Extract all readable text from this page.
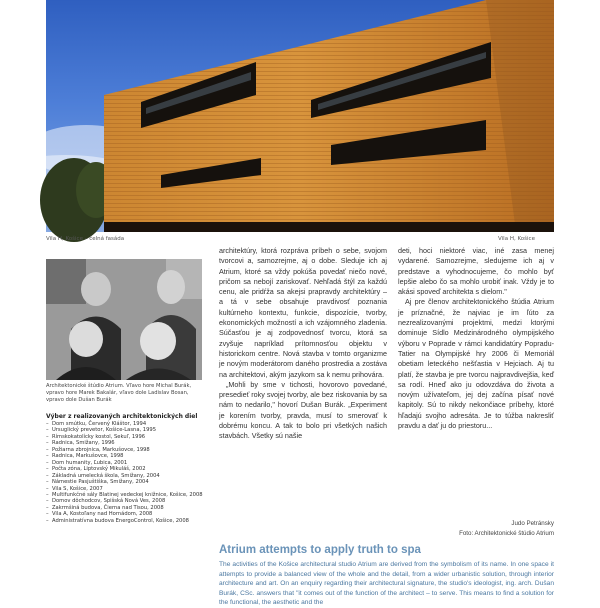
Vila H, Košice – čelná fasáda	Vila H, Košice
Architektonické štúdio Atrium. Vľavo hore Michal Burák, vpravo hore Marek Bakalár, vľavo dole Ladislav Bosan, vpravo dole Dušan Burák
Výber z realizovaných architektonických diel
– Dom smútku, Červený Kláštor, 1994
– Ursuglický prevetor, Košice-Lasna, 1995
– Rímskokatolícky kostol, Sekuľ, 1996
– Radnica, Smižany, 1996
– Požiarna zbrojnica, Markušovce, 1998
– Radnica, Markušovce, 1998
– Dom humanity, Ľubica, 2001
– Počta zóna, Liptovský Mikuláš, 2002
– Základná umelecká škola, Smižany, 2004
– Námestie Pasjuštiška, Smižany, 2004
– Vila S, Košice, 2007
– Multifunkčné sály Blatinej vedeckej knižnice, Košice, 2008
– Domov dôchodcov, Spišská Nová Ves, 2008
– Zakrmšiná budova, Čierna nad Tisou, 2008
– Vila A, Kostoľany nad Hornádom, 2008
– Administratívna budova EnergoControl, Košice, 2008

architektúry, ktorá rozpráva príbeh o sebe, svojom tvorcovi a, samozrejme, aj o dobe. Sleduje ich aj Atrium, ktoré sa vždy pokúša povedať niečo nové, pričom sa nebojí zariskovať. Nehľadá štýl za každú cenu, ale pridŕža sa akejsi prapravdy architektúry – a tá v sebe obsahuje pravdivosť poznania kultúrneho kontextu, funkcie, dispozície, tvorby, ekonomických možností a ich vzájomného zladenia. Súčasťou je aj zodpovednosť tvorcu, ktorá sa zvyšuje napríklad prítomnosťou objektu v historickom centre. Nová stavba v tomto organizme je novým moderátorom daného prostredia a zostáva na architektovi, akým jazykom sa k nemu prihovára.

„Mohli by sme v tichosti, hovorovo povedané, presedieť roky svojej tvorby, ale bez riskovania by sa nám to nedarilo," hovorí Dušan Burák. „Experiment je korením tvorby, pravda, musí to smerovať k dobrému koncu. A tak to bolo pri všetkých našich stavbách. Všetky sú našie

deti, hoci niektoré viac, iné zasa menej vydarené. Samozrejme, sledujeme ich aj v predstave a vyhodnocujeme, čo mohlo byť lepšie alebo čo sa mohlo urobiť inak. Vždy je to akási spoveď architekta s dielom."

Aj pre členov architektonického štúdia Atrium je príznačné, že najviac je im ľúto za nezrealizovanými projektmi, medzi ktorými dominuje Sídlo Medzinárodného olympijského výboru v Poprade v rámci kandidatúry Popradu-Tatier na Olympijské hry 2006 či Memoriál obetiam leteckého nešťastia v Hejciach. Aj tu platí, že stavba je pre tvorcu najpravdivejšia, keď sa rodí. Hneď ako ju odovzdáva do života a novým užívateľom, jej dej začína písať nové kapitoly. Sú to nikdy nekončiace príbehy, ktoré hľadajú svojho adresáta. Je to túžba nakresliť pravdu a dať ju do priestoru...

Judo Petránsky
Foto: Architektonické štúdio Atrium
Atrium attempts to apply truth to spa
The activities of the Košice architectural studio Atrium are derived from the symbolism of its name. In one space it attempts to provide a balanced view of the whole and the detail, from a wider urbanistic solution, through interior architecture and art. On an enquiry regarding their architectural signature, the studio's ideologist, ing. arch. Dušan Burák, CSc. answers that "it comes out of the function of the architect – to serve. This means to find a solution for the functional, the aesthetic and the
